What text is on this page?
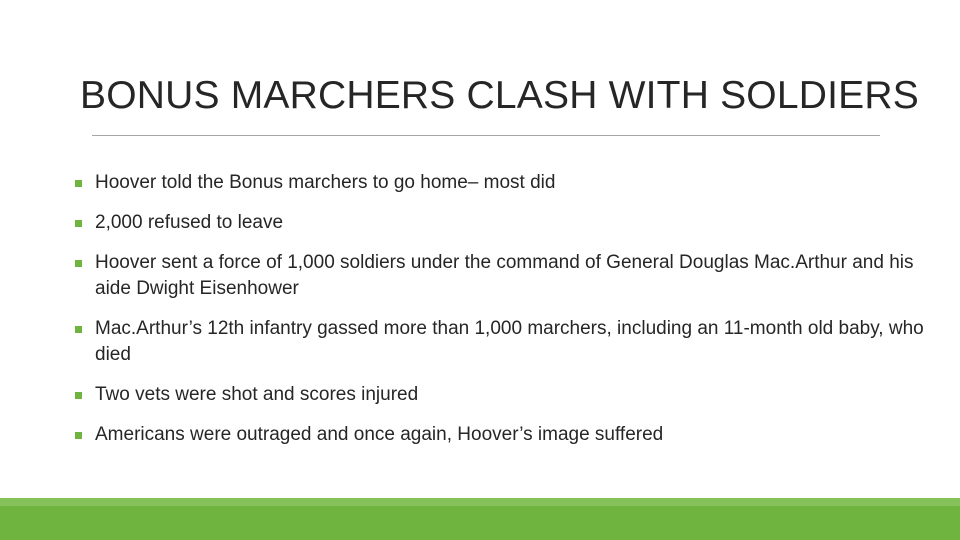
BONUS MARCHERS CLASH WITH SOLDIERS
Hoover told the Bonus marchers to go home– most did
2,000 refused to leave
Hoover sent a force of 1,000 soldiers under the command of General Douglas Mac.Arthur and his aide Dwight Eisenhower
Mac.Arthur’s 12th infantry gassed more than 1,000 marchers, including an 11-month old baby, who died
Two vets were shot and scores injured
Americans were outraged and once again, Hoover’s image suffered
